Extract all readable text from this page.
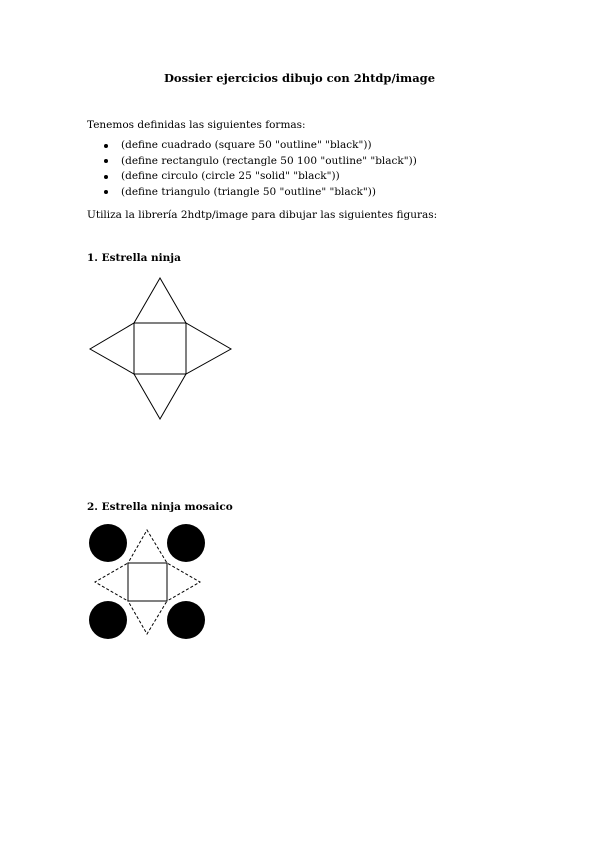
Dossier ejercicios dibujo con 2htdp/image
Tenemos definidas las siguientes formas:
(define cuadrado (square 50 "outline" "black"))
(define rectangulo (rectangle 50 100 "outline" "black"))
(define circulo (circle 25 "solid" "black"))
(define triangulo (triangle 50 "outline" "black"))
Utiliza la librería 2hdtp/image para dibujar las siguientes figuras:
1. Estrella ninja
2. Estrella ninja mosaico
